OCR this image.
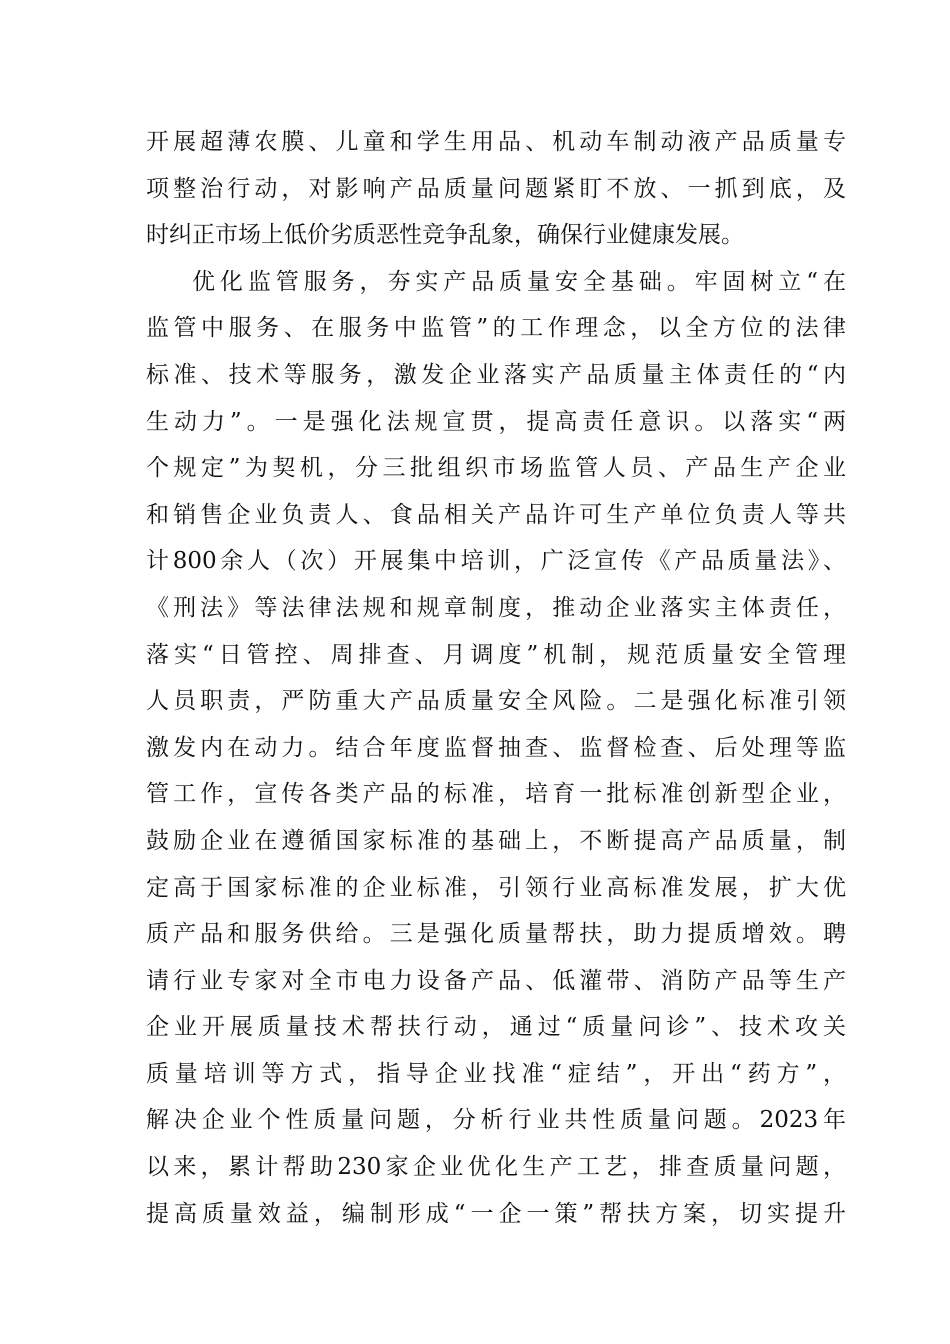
开展超薄农膜、儿童和学生用品、机动车制动液产品质量专
项整治行动，对影响产品质量问题紧盯不放、一抓到底，及
时纠正市场上低价劣质恶性竞争乱象，确保行业健康发展。
优化监管服务，夯实产品质量安全基础。牢固树立“在
监管中服务、在服务中监管”的工作理念，以全方位的法律
标准、技术等服务，激发企业落实产品质量主体责任的“内
生动力”。一是强化法规宣贯，提高责任意识。以落实“两
个规定”为契机，分三批组织市场监管人员、产品生产企业
和销售企业负责人、食品相关产品许可生产单位负责人等共
计800余人（次）开展集中培训，广泛宣传《产品质量法》、
《刑法》等法律法规和规章制度，推动企业落实主体责任，
落实“日管控、周排查、月调度”机制，规范质量安全管理
人员职责，严防重大产品质量安全风险。二是强化标准引领
激发内在动力。结合年度监督抽查、监督检查、后处理等监
管工作，宣传各类产品的标准，培育一批标准创新型企业，
鼓励企业在遵循国家标准的基础上，不断提高产品质量，制
定高于国家标准的企业标准，引领行业高标准发展，扩大优
质产品和服务供给。三是强化质量帮扶，助力提质增效。聘
请行业专家对全市电力设备产品、低灌带、消防产品等生产
企业开展质量技术帮扶行动，通过“质量问诊”、技术攻关
质量培训等方式，指导企业找准“症结”，开出“药方”，
解决企业个性质量问题，分析行业共性质量问题。2023年
以来，累计帮助230家企业优化生产工艺，排查质量问题，
提高质量效益，编制形成“一企一策”帮扶方案，切实提升
